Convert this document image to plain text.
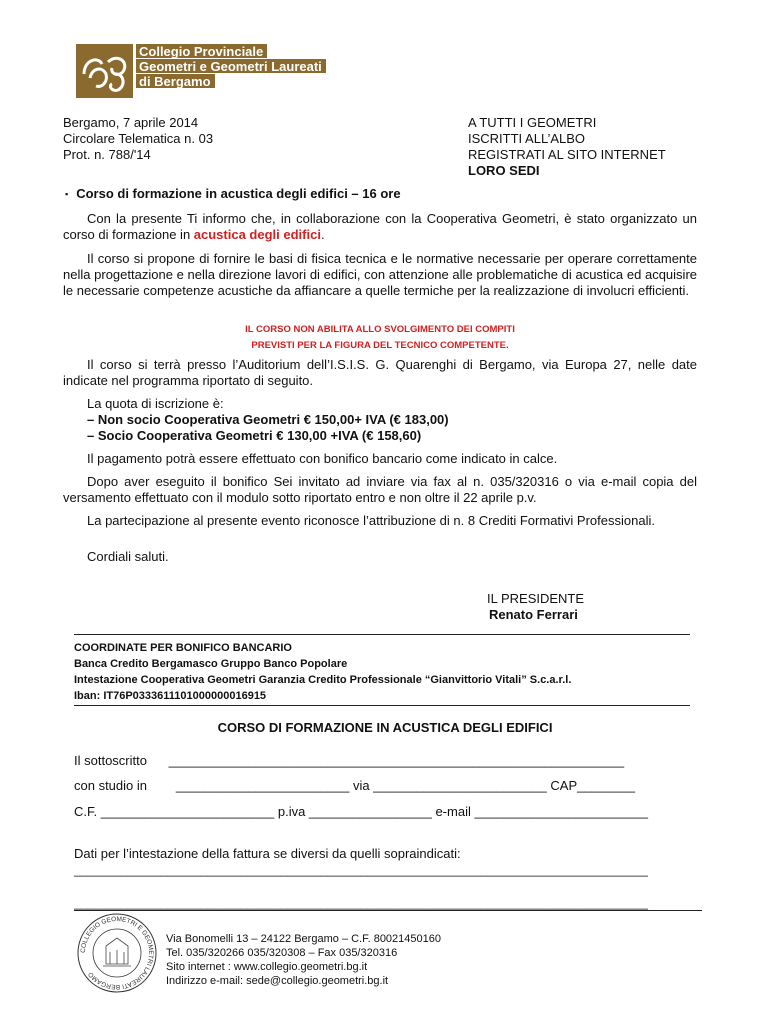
Collegio Provinciale
Geometri e Geometri Laureati
di Bergamo
Bergamo, 7 aprile 2014
Circolare Telematica n. 03
Prot. n. 788/'14
A TUTTI I GEOMETRI
ISCRITTI ALL’ALBO
REGISTRATI AL SITO INTERNET
LORO SEDI
▪ Corso di formazione in acustica degli edifici – 16 ore
Con la presente Ti informo che, in collaborazione con la Cooperativa Geometri, è stato organizzato un corso di formazione in acustica degli edifici.
Il corso si propone di fornire le basi di fisica tecnica e le normative necessarie per operare correttamente nella progettazione e nella direzione lavori di edifici, con attenzione alle problematiche di acustica ed acquisire le necessarie competenze acustiche da affiancare a quelle termiche per la realizzazione di involucri efficienti.
IL CORSO NON ABILITA ALLO SVOLGIMENTO DEI COMPITI
PREVISTI PER LA FIGURA DEL TECNICO COMPETENTE.
Il corso si terrà presso l’Auditorium dell’I.S.I.S. G. Quarenghi di Bergamo, via Europa 27, nelle date indicate nel programma riportato di seguito.
La quota di iscrizione è:
– Non socio Cooperativa Geometri € 150,00+ IVA (€ 183,00)
– Socio Cooperativa Geometri € 130,00 +IVA (€ 158,60)
Il pagamento potrà essere effettuato con bonifico bancario come indicato in calce.
Dopo aver eseguito il bonifico Sei invitato ad inviare via fax al n. 035/320316 o via e-mail copia del versamento effettuato con il modulo sotto riportato entro e non oltre il 22 aprile p.v.
La partecipazione al presente evento riconosce l’attribuzione di n. 8 Crediti Formativi Professionali.
Cordiali saluti.
IL PRESIDENTE
Renato Ferrari
COORDINATE PER BONIFICO BANCARIO
Banca Credito Bergamasco Gruppo Banco Popolare
Intestazione Cooperativa Geometri Garanzia Credito Professionale “Gianvittorio Vitali” S.c.a.r.l.
Iban: IT76P0333611101000000016915
CORSO DI FORMAZIONE IN ACUSTICA DEGLI EDIFICI
Il sottoscritto      _______________________________________________________________
con studio in        ________________________ via ________________________ CAP________
C.F. ________________________ p.iva _________________ e-mail ________________________
Dati per l’intestazione della fattura se diversi da quelli sopraindicati:
______________________________________________________________________________________
______________________________________________________________________________________
COLLEGIO GEOMETRI E GEOMETRI LAUREATI BERGAMO
Via Bonomelli 13 – 24122 Bergamo – C.F. 80021450160
Tel. 035/320266 035/320308 – Fax 035/320316
Sito internet : www.collegio.geometri.bg.it
Indirizzo e-mail: sede@collegio.geometri.bg.it
